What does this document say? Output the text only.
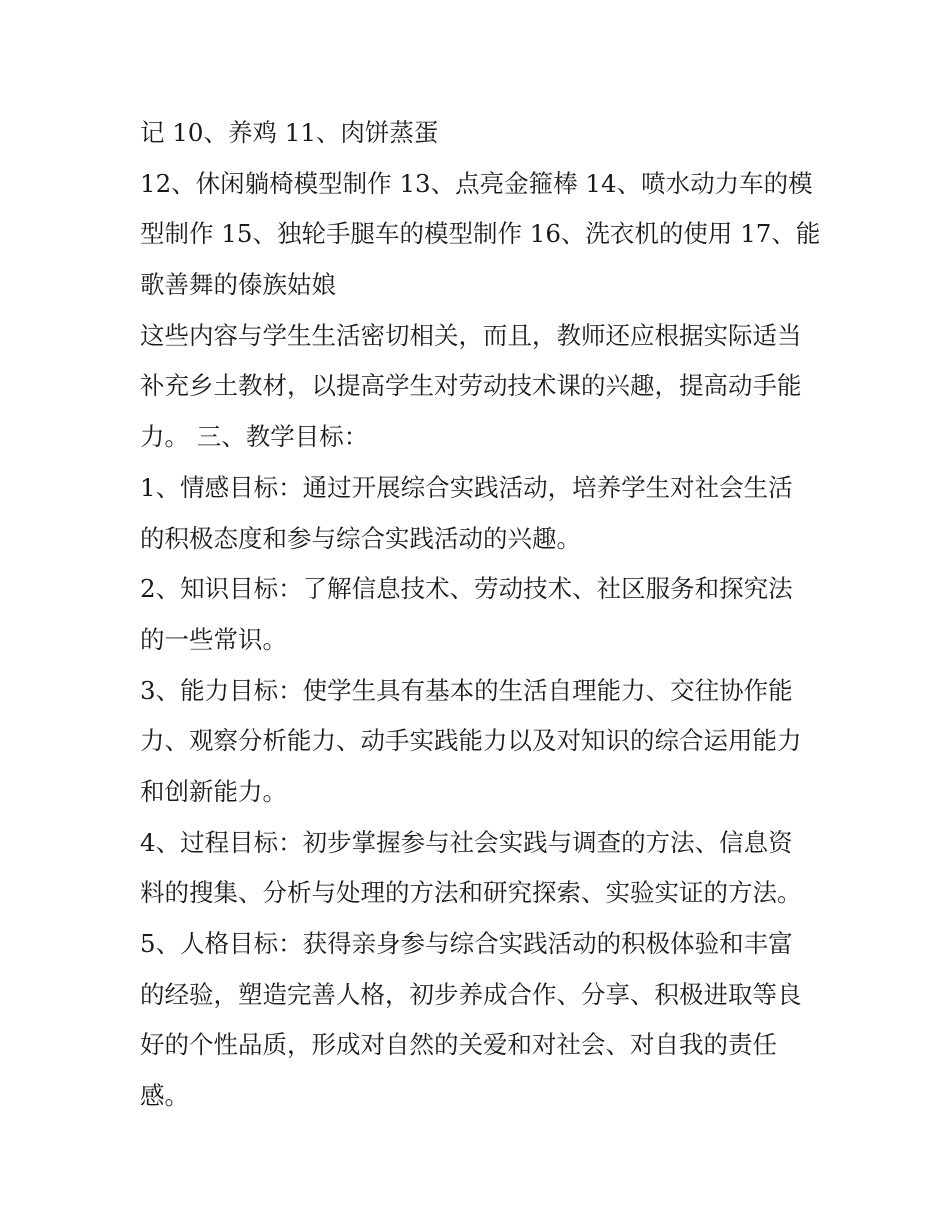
记 10、养鸡 11、肉饼蒸蛋
12、休闲躺椅模型制作 13、点亮金箍棒 14、喷水动力车的模
型制作 15、独轮手腿车的模型制作 16、洗衣机的使用 17、能
歌善舞的傣族姑娘
这些内容与学生生活密切相关，而且，教师还应根据实际适当
补充乡土教材，以提高学生对劳动技术课的兴趣，提高动手能
力。 三、教学目标：
1、情感目标：通过开展综合实践活动，培养学生对社会生活
的积极态度和参与综合实践活动的兴趣。
2、知识目标：了解信息技术、劳动技术、社区服务和探究法
的一些常识。
3、能力目标：使学生具有基本的生活自理能力、交往协作能
力、观察分析能力、动手实践能力以及对知识的综合运用能力
和创新能力。
4、过程目标：初步掌握参与社会实践与调查的方法、信息资
料的搜集、分析与处理的方法和研究探索、实验实证的方法。
5、人格目标：获得亲身参与综合实践活动的积极体验和丰富
的经验，塑造完善人格，初步养成合作、分享、积极进取等良
好的个性品质，形成对自然的关爱和对社会、对自我的责任
感。
